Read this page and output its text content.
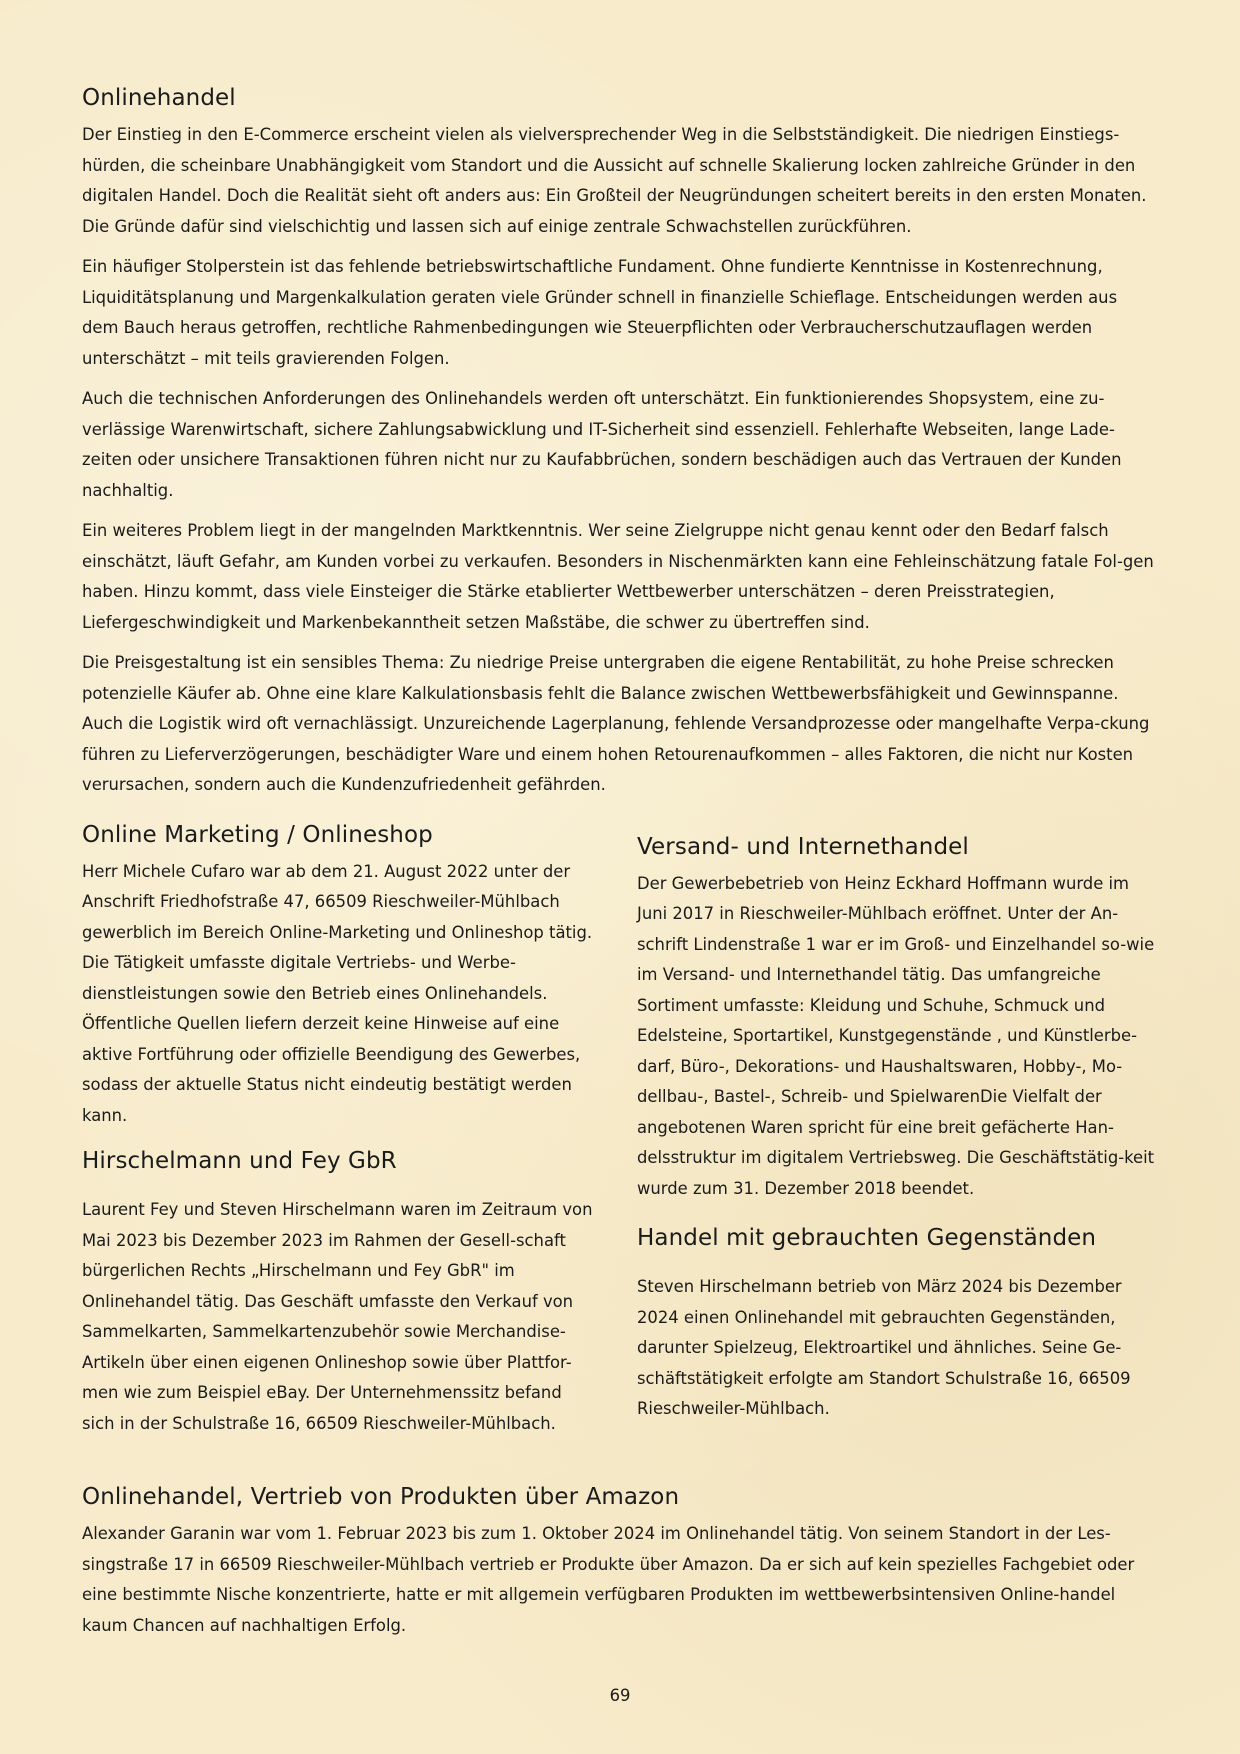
Onlinehandel

Der Einstieg in den E-Commerce erscheint vielen als vielversprechender Weg in die Selbstständigkeit. Die niedrigen Einstiegs-hürden, die scheinbare Unabhängigkeit vom Standort und die Aussicht auf schnelle Skalierung locken zahlreiche Gründer in den digitalen Handel. Doch die Realität sieht oft anders aus: Ein Großteil der Neugründungen scheitert bereits in den ersten Monaten. Die Gründe dafür sind vielschichtig und lassen sich auf einige zentrale Schwachstellen zurückführen.

Ein häufiger Stolperstein ist das fehlende betriebswirtschaftliche Fundament. Ohne fundierte Kenntnisse in Kostenrechnung, Liquiditätsplanung und Margenkalkulation geraten viele Gründer schnell in finanzielle Schieflage. Entscheidungen werden aus dem Bauch heraus getroffen, rechtliche Rahmenbedingungen wie Steuerpflichten oder Verbraucherschutzauflagen werden unterschätzt – mit teils gravierenden Folgen.

Auch die technischen Anforderungen des Onlinehandels werden oft unterschätzt. Ein funktionierendes Shopsystem, eine zu-verlässige Warenwirtschaft, sichere Zahlungsabwicklung und IT-Sicherheit sind essenziell. Fehlerhafte Webseiten, lange Lade-zeiten oder unsichere Transaktionen führen nicht nur zu Kaufabbrüchen, sondern beschädigen auch das Vertrauen der Kunden nachhaltig.

Ein weiteres Problem liegt in der mangelnden Marktkenntnis. Wer seine Zielgruppe nicht genau kennt oder den Bedarf falsch einschätzt, läuft Gefahr, am Kunden vorbei zu verkaufen. Besonders in Nischenmärkten kann eine Fehleinschätzung fatale Fol-gen haben. Hinzu kommt, dass viele Einsteiger die Stärke etablierter Wettbewerber unterschätzen – deren Preisstrategien, Liefergeschwindigkeit und Markenbekanntheit setzen Maßstäbe, die schwer zu übertreffen sind.

Die Preisgestaltung ist ein sensibles Thema: Zu niedrige Preise untergraben die eigene Rentabilität, zu hohe Preise schrecken potenzielle Käufer ab. Ohne eine klare Kalkulationsbasis fehlt die Balance zwischen Wettbewerbsfähigkeit und Gewinnspanne. Auch die Logistik wird oft vernachlässigt. Unzureichende Lagerplanung, fehlende Versandprozesse oder mangelhafte Verpa-ckung führen zu Lieferverzögerungen, beschädigter Ware und einem hohen Retourenaufkommen – alles Faktoren, die nicht nur Kosten verursachen, sondern auch die Kundenzufriedenheit gefährden.

Online Marketing / Onlineshop

Herr Michele Cufaro war ab dem 21. August 2022 unter der Anschrift Friedhofstraße 47, 66509 Rieschweiler-Mühlbach gewerblich im Bereich Online-Marketing und Onlineshop tätig. Die Tätigkeit umfasste digitale Vertriebs- und Werbe-dienstleistungen sowie den Betrieb eines Onlinehandels. Öffentliche Quellen liefern derzeit keine Hinweise auf eine aktive Fortführung oder offizielle Beendigung des Gewerbes, sodass der aktuelle Status nicht eindeutig bestätigt werden kann.

Hirschelmann und Fey GbR

Laurent Fey und Steven Hirschelmann waren im Zeitraum von Mai 2023 bis Dezember 2023 im Rahmen der Gesell-schaft bürgerlichen Rechts „Hirschelmann und Fey GbR" im Onlinehandel tätig. Das Geschäft umfasste den Verkauf von Sammelkarten, Sammelkartenzubehör sowie Merchandise-Artikeln über einen eigenen Onlineshop sowie über Plattfor-men wie zum Beispiel eBay. Der Unternehmenssitz befand sich in der Schulstraße 16, 66509 Rieschweiler-Mühlbach.

Versand- und Internethandel

Der Gewerbebetrieb von Heinz Eckhard Hoffmann wurde im Juni 2017 in Rieschweiler-Mühlbach eröffnet. Unter der An-schrift Lindenstraße 1 war er im Groß- und Einzelhandel so-wie im Versand- und Internethandel tätig. Das umfangreiche Sortiment umfasste: Kleidung und Schuhe, Schmuck und Edelsteine, Sportartikel, Kunstgegenstände , und Künstlerbe-darf, Büro-, Dekorations- und Haushaltswaren, Hobby-, Mo-dellbau-, Bastel-, Schreib- und SpielwarenDie Vielfalt der angebotenen Waren spricht für eine breit gefächerte Han-delsstruktur im digitalem Vertriebsweg. Die Geschäftstätig-keit wurde zum 31. Dezember 2018 beendet.

Handel mit gebrauchten Gegenständen

Steven Hirschelmann betrieb von März 2024 bis Dezember 2024 einen Onlinehandel mit gebrauchten Gegenständen, darunter Spielzeug, Elektroartikel und ähnliches. Seine Ge-schäftstätigkeit erfolgte am Standort Schulstraße 16, 66509 Rieschweiler-Mühlbach.

Onlinehandel, Vertrieb von Produkten über Amazon

Alexander Garanin war vom 1. Februar 2023 bis zum 1. Oktober 2024 im Onlinehandel tätig. Von seinem Standort in der Les-singstraße 17 in 66509 Rieschweiler-Mühlbach vertrieb er Produkte über Amazon. Da er sich auf kein spezielles Fachgebiet oder eine bestimmte Nische konzentrierte, hatte er mit allgemein verfügbaren Produkten im wettbewerbsintensiven Online-handel kaum Chancen auf nachhaltigen Erfolg.

69
